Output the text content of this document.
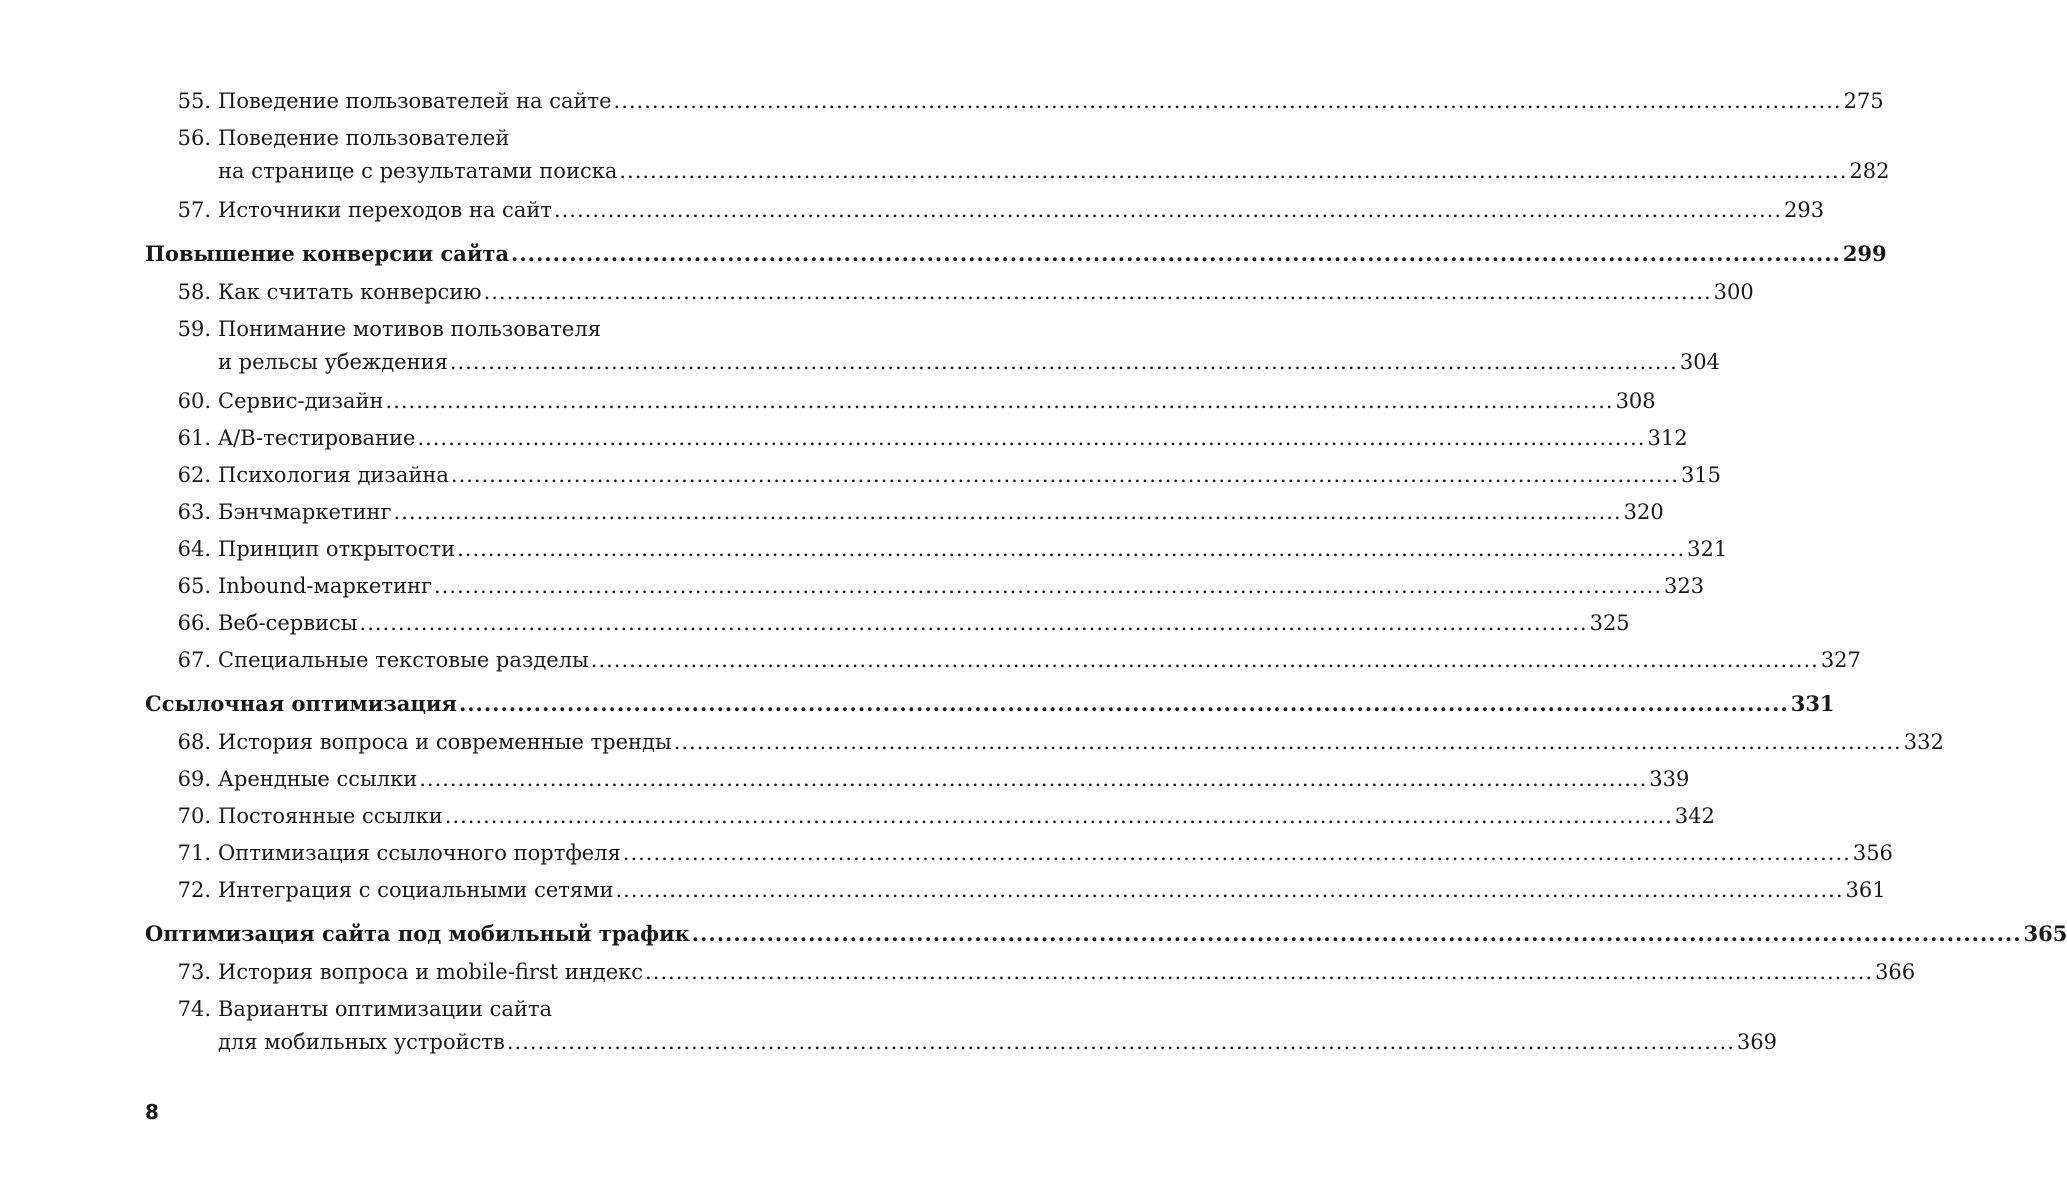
55. Поведение пользователей на сайте .....	275
56. Поведение пользователей
на странице с результатами поиска .....	282
57. Источники переходов на сайт .....	293
Повышение конверсии сайта .....	299
58. Как считать конверсию .....	300
59. Понимание мотивов пользователя
и рельсы убеждения .....	304
60. Сервис-дизайн .....	308
61. A/B-тестирование .....	312
62. Психология дизайна .....	315
63. Бэнчмаркетинг .....	320
64. Принцип открытости .....	321
65. Inbound-маркетинг .....	323
66. Веб-сервисы .....	325
67. Специальные текстовые разделы .....	327
Ссылочная оптимизация .....	331
68. История вопроса и современные тренды .....	332
69. Арендные ссылки .....	339
70. Постоянные ссылки .....	342
71. Оптимизация ссылочного портфеля .....	356
72. Интеграция с социальными сетями .....	361
Оптимизация сайта под мобильный трафик .....	365
73. История вопроса и mobile-first индекс .....	366
74. Варианты оптимизации сайта
для мобильных устройств .....	369
8
